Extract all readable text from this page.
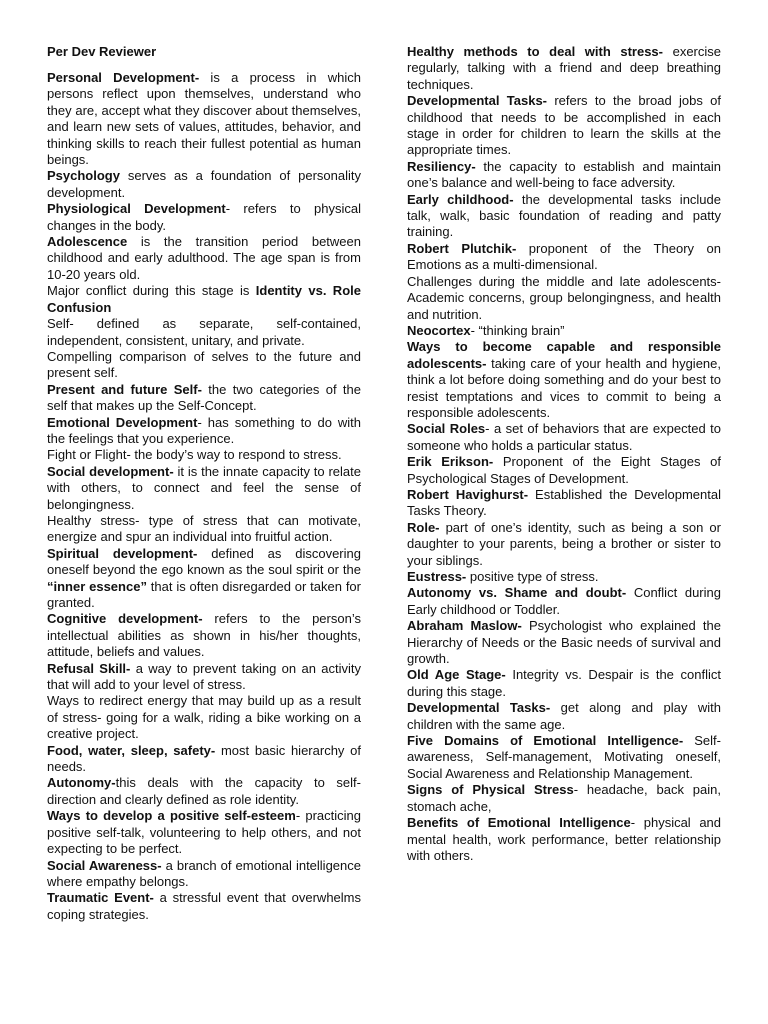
Per Dev Reviewer

Personal Development- is a process in which persons reflect upon themselves, understand who they are, accept what they discover about themselves, and learn new sets of values, attitudes, behavior, and thinking skills to reach their fullest potential as human beings.

Psychology serves as a foundation of personality development.

Physiological Development- refers to physical changes in the body.

Adolescence is the transition period between childhood and early adulthood. The age span is from 10-20 years old.

Major conflict during this stage is Identity vs. Role Confusion

Self- defined as separate, self-contained, independent, consistent, unitary, and private.

Compelling comparison of selves to the future and present self.

Present and future Self- the two categories of the self that makes up the Self-Concept.

Emotional Development- has something to do with the feelings that you experience.

Fight or Flight- the body’s way to respond to stress.

Social development- it is the innate capacity to relate with others, to connect and feel the sense of belongingness.

Healthy stress- type of stress that can motivate, energize and spur an individual into fruitful action.

Spiritual development- defined as discovering oneself beyond the ego known as the soul spirit or the “inner essence” that is often disregarded or taken for granted.

Cognitive development- refers to the person’s intellectual abilities as shown in his/her thoughts, attitude, beliefs and values.

Refusal Skill- a way to prevent taking on an activity that will add to your level of stress.

Ways to redirect energy that may build up as a result of stress- going for a walk, riding a bike working on a creative project.

Food, water, sleep, safety- most basic hierarchy of needs.

Autonomy-this deals with the capacity to self-direction and clearly defined as role identity.

Ways to develop a positive self-esteem- practicing positive self-talk, volunteering to help others, and not expecting to be perfect.

Social Awareness- a branch of emotional intelligence where empathy belongs.

Traumatic Event- a stressful event that overwhelms coping strategies.

Healthy methods to deal with stress- exercise regularly, talking with a friend and deep breathing techniques.

Developmental Tasks- refers to the broad jobs of childhood that needs to be accomplished in each stage in order for children to learn the skills at the appropriate times.

Resiliency- the capacity to establish and maintain one’s balance and well-being to face adversity.

Early childhood- the developmental tasks include talk, walk, basic foundation of reading and patty training.

Robert Plutchik- proponent of the Theory on Emotions as a multi-dimensional.

Challenges during the middle and late adolescents- Academic concerns, group belongingness, and health and nutrition.

Neocortex- “thinking brain”

Ways to become capable and responsible adolescents- taking care of your health and hygiene, think a lot before doing something and do your best to resist temptations and vices to commit to being a responsible adolescents.

Social Roles- a set of behaviors that are expected to someone who holds a particular status.

Erik Erikson- Proponent of the Eight Stages of Psychological Stages of Development.

Robert Havighurst- Established the Developmental Tasks Theory.

Role- part of one’s identity, such as being a son or daughter to your parents, being a brother or sister to your siblings.

Eustress- positive type of stress.

Autonomy vs. Shame and doubt- Conflict during Early childhood or Toddler.

Abraham Maslow- Psychologist who explained the Hierarchy of Needs or the Basic needs of survival and growth.

Old Age Stage- Integrity vs. Despair is the conflict during this stage.

Developmental Tasks- get along and play with children with the same age.

Five Domains of Emotional Intelligence- Self-awareness, Self-management, Motivating oneself, Social Awareness and Relationship Management.

Signs of Physical Stress- headache, back pain, stomach ache,

Benefits of Emotional Intelligence- physical and mental health, work performance, better relationship with others.
